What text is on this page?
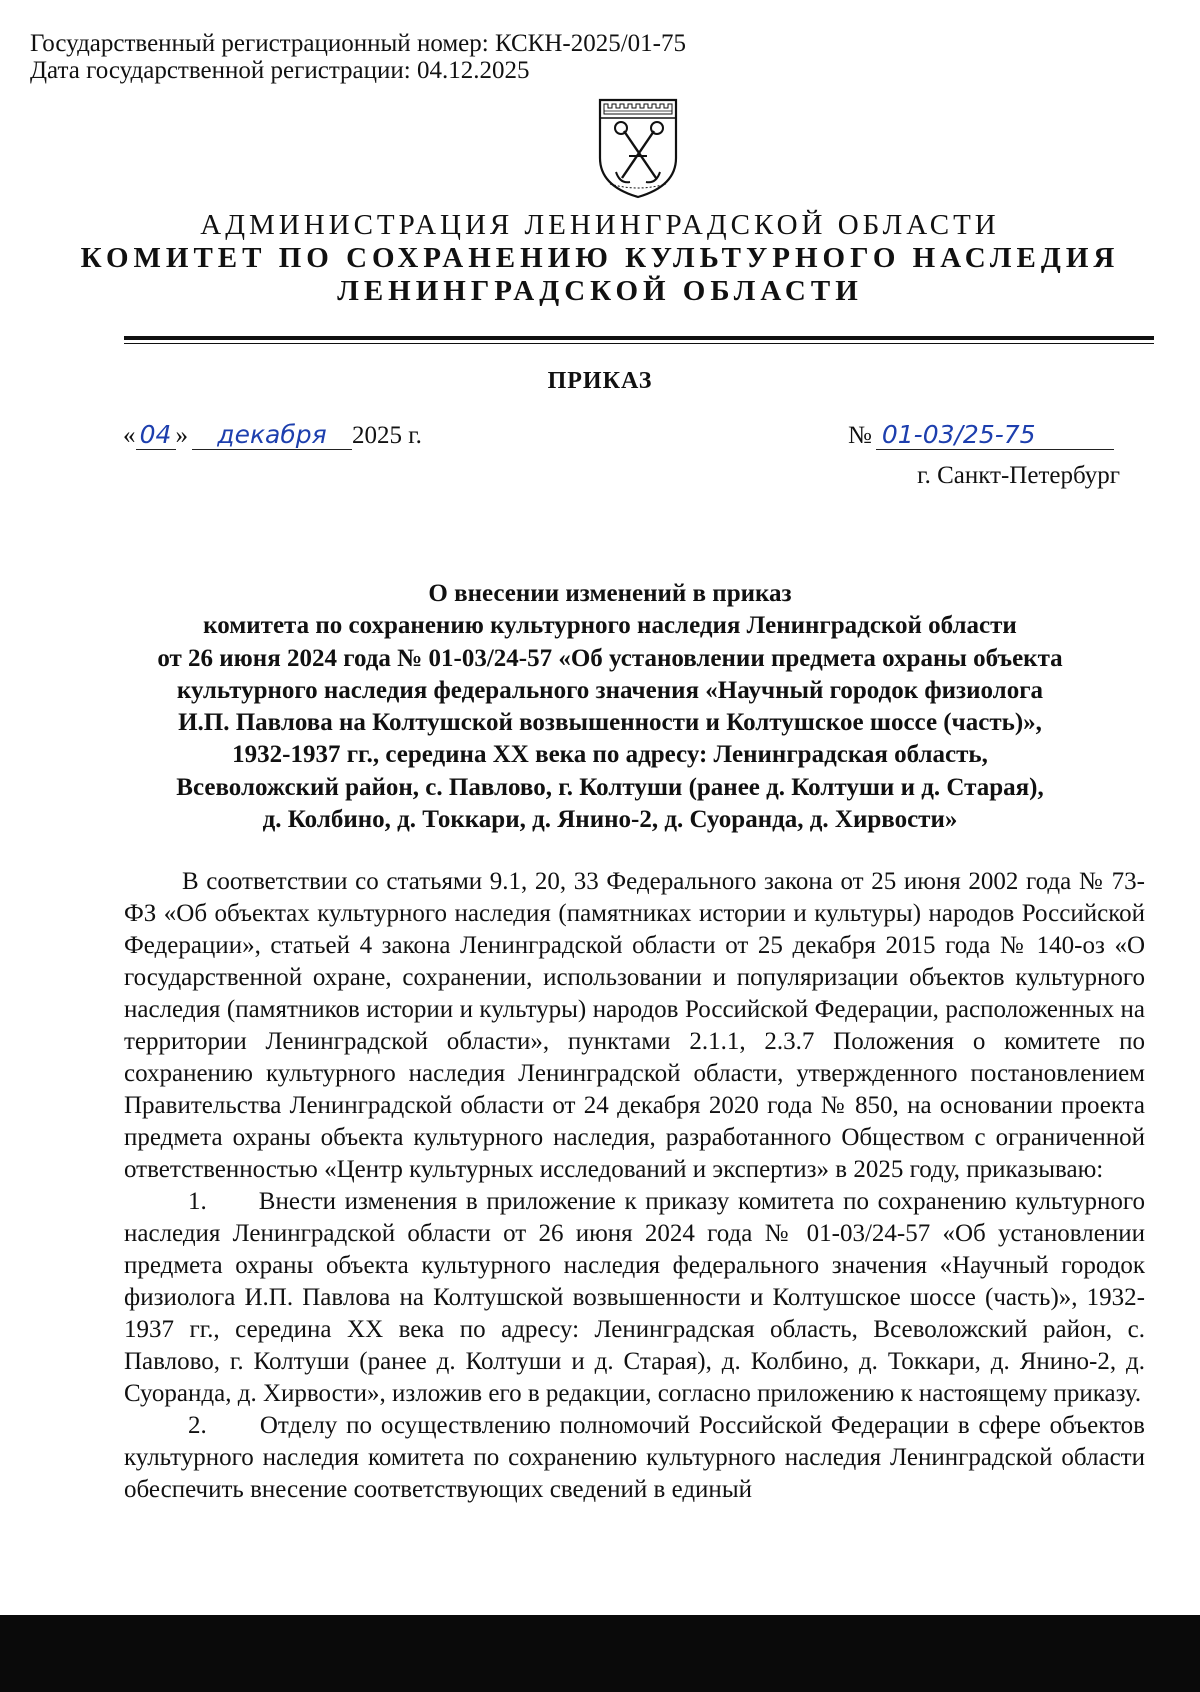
Государственный регистрационный номер: КСКН-2025/01-75
Дата государственной регистрации: 04.12.2025
АДМИНИСТРАЦИЯ ЛЕНИНГРАДСКОЙ ОБЛАСТИ
КОМИТЕТ ПО СОХРАНЕНИЮ КУЛЬТУРНОГО НАСЛЕДИЯ
ЛЕНИНГРАДСКОЙ ОБЛАСТИ
ПРИКАЗ
« 04 » декабря 2025 г.	№ 01-03/25-75
г. Санкт-Петербург
О внесении изменений в приказ
комитета по сохранению культурного наследия Ленинградской области
от 26 июня 2024 года № 01-03/24-57 «Об установлении предмета охраны объекта
культурного наследия федерального значения «Научный городок физиолога
И.П. Павлова на Колтушской возвышенности и Колтушское шоссе (часть)»,
1932-1937 гг., середина XX века по адресу: Ленинградская область,
Всеволожский район, с. Павлово, г. Колтуши (ранее д. Колтуши и д. Старая),
д. Колбино, д. Токкари, д. Янино-2, д. Суоранда, д. Хирвости»

В соответствии со статьями 9.1, 20, 33 Федерального закона от 25 июня 2002 года № 73-ФЗ «Об объектах культурного наследия (памятниках истории и культуры) народов Российской Федерации», статьей 4 закона Ленинградской области от 25 декабря 2015 года № 140-оз «О государственной охране, сохранении, использовании и популяризации объектов культурного наследия (памятников истории и культуры) народов Российской Федерации, расположенных на территории Ленинградской области», пунктами 2.1.1, 2.3.7 Положения о комитете по сохранению культурного наследия Ленинградской области, утвержденного постановлением Правительства Ленинградской области от 24 декабря 2020 года № 850, на основании проекта предмета охраны объекта культурного наследия, разработанного Обществом с ограниченной ответственностью «Центр культурных исследований и экспертиз» в 2025 году, приказываю:

1.      Внести изменения в приложение к приказу комитета по сохранению культурного наследия Ленинградской области от 26 июня 2024 года № 01-03/24-57 «Об установлении предмета охраны объекта культурного наследия федерального значения «Научный городок физиолога И.П. Павлова на Колтушской возвышенности и Колтушское шоссе (часть)», 1932-1937 гг., середина XX века по адресу: Ленинградская область, Всеволожский район, с. Павлово, г. Колтуши (ранее д. Колтуши и д. Старая), д. Колбино, д. Токкари, д. Янино-2, д. Суоранда, д. Хирвости», изложив его в редакции, согласно приложению к настоящему приказу.

2.      Отделу по осуществлению полномочий Российской Федерации в сфере объектов культурного наследия комитета по сохранению культурного наследия Ленинградской области обеспечить внесение соответствующих сведений в единый
